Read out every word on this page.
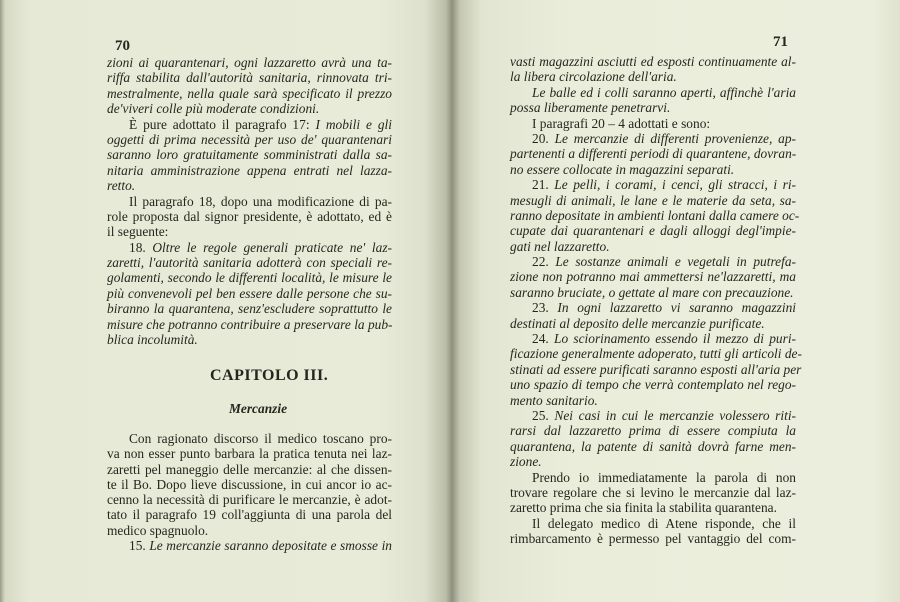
70
zioni ai quarantenari, ogni lazzaretto avrà una ta-
riffa stabilita dall'autorità sanitaria, rinnovata tri-
mestralmente, nella quale sarà specificato il prezzo
de'viveri colle più moderate condizioni.
È pure adottato il paragrafo 17: I mobili e gli
oggetti di prima necessità per uso de' quarantenari
saranno loro gratuitamente somministrati dalla sa-
nitaria amministrazione appena entrati nel lazza-
retto.
Il paragrafo 18, dopo una modificazione di pa-
role proposta dal signor presidente, è adottato, ed è
il seguente:
18. Oltre le regole generali praticate ne' laz-
zaretti, l'autorità sanitaria adotterà con speciali re-
golamenti, secondo le differenti località, le misure le
più convenevoli pel ben essere dalle persone che su-
biranno la quarantena, senz'escludere soprattutto le
misure che potranno contribuire a preservare la pub-
blica incolumità.
CAPITOLO III.
Mercanzie
Con ragionato discorso il medico toscano pro-
va non esser punto barbara la pratica tenuta nei laz-
zaretti pel maneggio delle mercanzie: al che dissen-
te il Bo. Dopo lieve discussione, in cui ancor io ac-
cenno la necessità di purificare le mercanzie, è adot-
tato il paragrafo 19 coll'aggiunta di una parola del
medico spagnuolo.
15. Le mercanzie saranno depositate e smosse in
71
vasti magazzini asciutti ed esposti continuamente al-
la libera circolazione dell'aria.
Le balle ed i colli saranno aperti, affinchè l'aria
possa liberamente penetrarvi.
I paragrafi 20 – 4 adottati e sono:
20. Le mercanzie di differenti provenienze, ap-
partenenti a differenti periodi di quarantene, dovran-
no essere collocate in magazzini separati.
21. Le pelli, i corami, i cenci, gli stracci, i ri-
mesugli di animali, le lane e le materie da seta, sa-
ranno depositate in ambienti lontani dalla camere oc-
cupate dai quarantenari e dagli alloggi degl'impie-
gati nel lazzaretto.
22. Le sostanze animali e vegetali in putrefa-
zione non potranno mai ammettersi ne'lazzaretti, ma
saranno bruciate, o gettate al mare con precauzione.
23. In ogni lazzaretto vi saranno magazzini
destinati al deposito delle mercanzie purificate.
24. Lo sciorinamento essendo il mezzo di puri-
ficazione generalmente adoperato, tutti gli articoli de-
stinati ad essere purificati saranno esposti all'aria per
uno spazio di tempo che verrà contemplato nel rego-
mento sanitario.
25. Nei casi in cui le mercanzie volessero riti-
rarsi dal lazzaretto prima di essere compiuta la
quarantena, la patente di sanità dovrà farne men-
zione.
Prendo io immediatamente la parola di non
trovare regolare che si levino le mercanzie dal laz-
zaretto prima che sia finita la stabilita quarantena.
Il delegato medico di Atene risponde, che il
rimbarcamento è permesso pel vantaggio del com-
